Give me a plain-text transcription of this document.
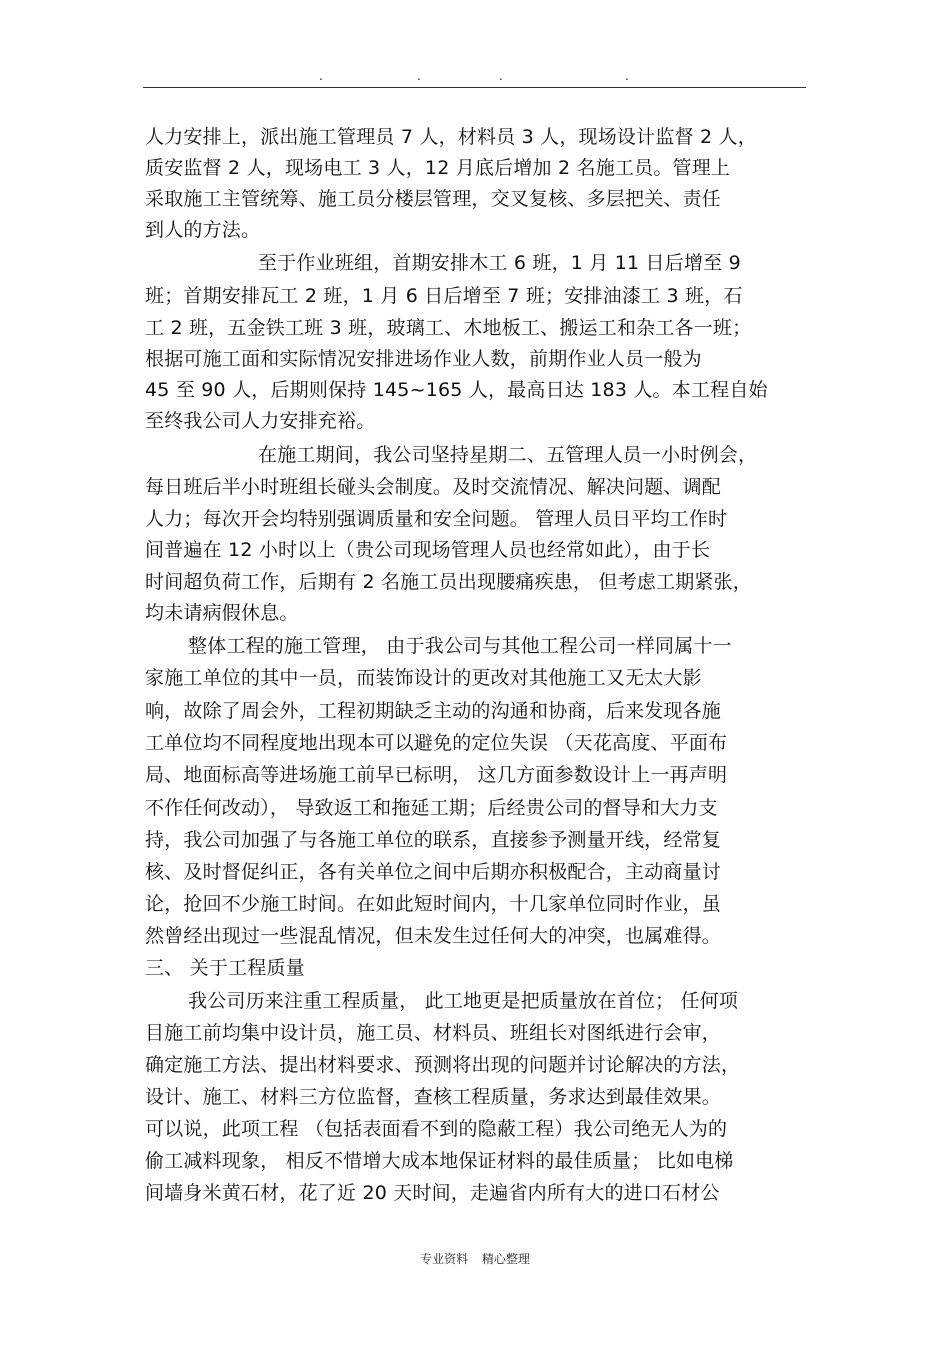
.	.	.	.
人力安排上，派出施工管理员 7 人，材料员 3 人，现场设计监督 2 人，
质安监督 2 人，现场电工 3 人，12 月底后增加 2 名施工员。管理上
采取施工主管统筹、施工员分楼层管理，交叉复核、多层把关、责任
到人的方法。
至于作业班组，首期安排木工 6 班，1 月 11 日后增至 9
班；首期安排瓦工 2 班，1 月 6 日后增至 7 班；安排油漆工 3 班，石
工 2 班，五金铁工班 3 班，玻璃工、木地板工、搬运工和杂工各一班；
根据可施工面和实际情况安排进场作业人数，前期作业人员一般为
45 至 90 人，后期则保持 145~165 人，最高日达 183 人。本工程自始
至终我公司人力安排充裕。
在施工期间，我公司坚持星期二、五管理人员一小时例会，
每日班后半小时班组长碰头会制度。及时交流情况、解决问题、调配
人力；每次开会均特别强调质量和安全问题。 管理人员日平均工作时
间普遍在 12 小时以上（贵公司现场管理人员也经常如此），由于长
时间超负荷工作，后期有 2 名施工员出现腰痛疾患， 但考虑工期紧张，
均未请病假休息。
整体工程的施工管理， 由于我公司与其他工程公司一样同属十一
家施工单位的其中一员，而装饰设计的更改对其他施工又无太大影
响，故除了周会外，工程初期缺乏主动的沟通和协商，后来发现各施
工单位均不同程度地出现本可以避免的定位失误 （天花高度、平面布
局、地面标高等进场施工前早已标明， 这几方面参数设计上一再声明
不作任何改动）， 导致返工和拖延工期；后经贵公司的督导和大力支
持，我公司加强了与各施工单位的联系，直接参予测量开线，经常复
核、及时督促纠正，各有关单位之间中后期亦积极配合，主动商量讨
论，抢回不少施工时间。在如此短时间内，十几家单位同时作业，虽
然曾经出现过一些混乱情况，但未发生过任何大的冲突，也属难得。
三、 关于工程质量
我公司历来注重工程质量， 此工地更是把质量放在首位； 任何项
目施工前均集中设计员，施工员、材料员、班组长对图纸进行会审，
确定施工方法、提出材料要求、预测将出现的问题并讨论解决的方法，
设计、施工、材料三方位监督，查核工程质量，务求达到最佳效果。
可以说，此项工程 （包括表面看不到的隐蔽工程）我公司绝无人为的
偷工减料现象， 相反不惜增大成本地保证材料的最佳质量； 比如电梯
间墙身米黄石材，花了近 20 天时间，走遍省内所有大的进口石材公
专业资料 精心整理
